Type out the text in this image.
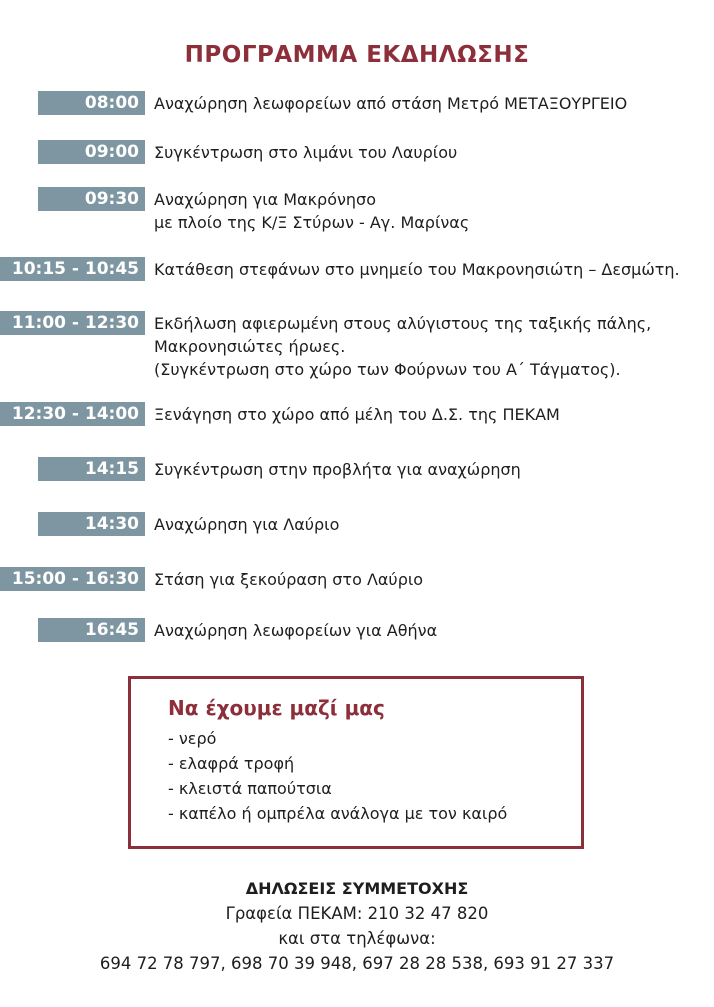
ΠΡΟΓΡΑΜΜΑ ΕΚΔΗΛΩΣΗΣ
08:00 Αναχώρηση λεωφορείων από στάση Μετρό ΜΕΤΑΞΟΥΡΓΕΙΟ
09:00 Συγκέντρωση στο λιμάνι του Λαυρίου
09:30 Αναχώρηση για Μακρόνησο
με πλοίο της Κ/Ξ Στύρων - Αγ. Μαρίνας
10:15 - 10:45 Κατάθεση στεφάνων στο μνημείο του Μακρονησιώτη – Δεσμώτη.
11:00 - 12:30 Εκδήλωση αφιερωμένη στους αλύγιστους της ταξικής πάλης,
Μακρονησιώτες ήρωες.
(Συγκέντρωση στο χώρο των Φούρνων του Α΄ Τάγματος).
12:30 - 14:00 Ξενάγηση στο χώρο από μέλη του Δ.Σ. της ΠΕΚΑΜ
14:15 Συγκέντρωση στην προβλήτα για αναχώρηση
14:30 Αναχώρηση για Λαύριο
15:00 - 16:30 Στάση για ξεκούραση στο Λαύριο
16:45 Αναχώρηση λεωφορείων για Αθήνα
Να έχουμε μαζί μας
- νερό
- ελαφρά τροφή
- κλειστά παπούτσια
- καπέλο ή ομπρέλα ανάλογα με τον καιρό
ΔΗΛΩΣΕΙΣ ΣΥΜΜΕΤΟΧΗΣ
Γραφεία ΠΕΚΑΜ: 210 32 47 820
και στα τηλέφωνα:
694 72 78 797, 698 70 39 948, 697 28 28 538, 693 91 27 337
